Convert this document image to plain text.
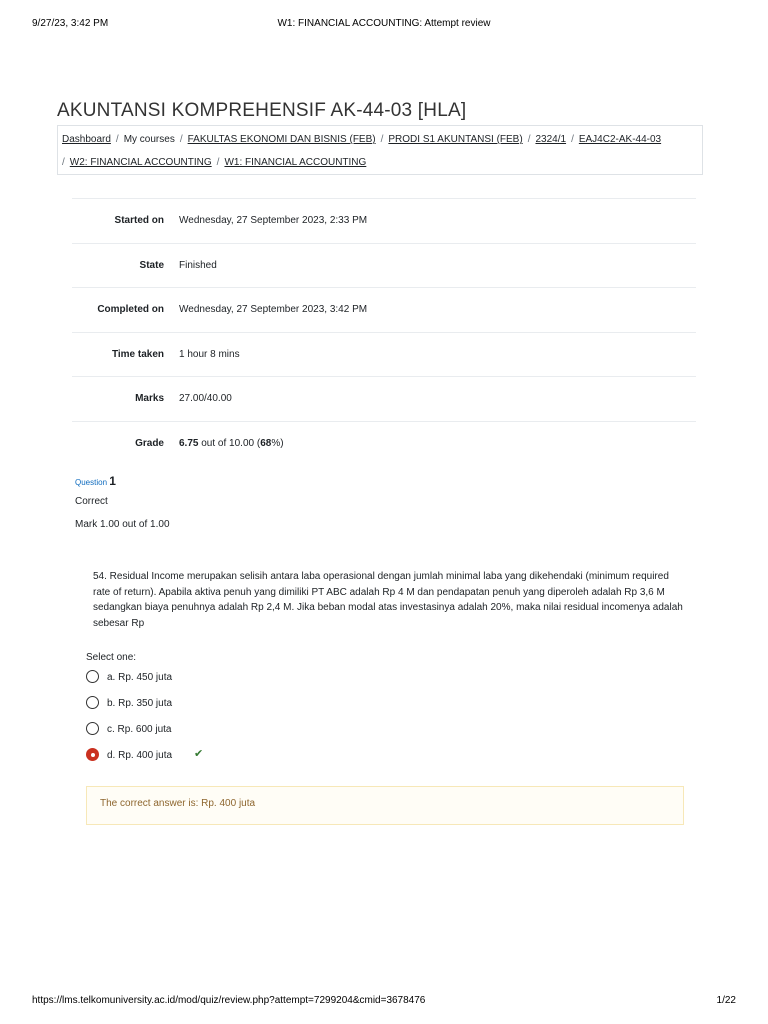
9/27/23, 3:42 PM	W1: FINANCIAL ACCOUNTING: Attempt review
AKUNTANSI KOMPREHENSIF AK-44-03 [HLA]
Dashboard / My courses / FAKULTAS EKONOMI DAN BISNIS (FEB) / PRODI S1 AKUNTANSI (FEB) / 2324/1 / EAJ4C2-AK-44-03
/ W2: FINANCIAL ACCOUNTING / W1: FINANCIAL ACCOUNTING
Started on Wednesday, 27 September 2023, 2:33 PM
State Finished
Completed on Wednesday, 27 September 2023, 3:42 PM
Time taken 1 hour 8 mins
Marks 27.00/40.00
Grade 6.75 out of 10.00 (68%)
Question 1
Correct
Mark 1.00 out of 1.00

54. Residual Income merupakan selisih antara laba operasional dengan jumlah minimal laba yang dikehendaki (minimum required rate of return). Apabila aktiva penuh yang dimiliki PT ABC adalah Rp 4 M dan pendapatan penuh yang diperoleh adalah Rp 3,6 M sedangkan biaya penuhnya adalah Rp 2,4 M. Jika beban modal atas investasinya adalah 20%, maka nilai residual incomenya adalah sebesar Rp

Select one:
a. Rp. 450 juta
b. Rp. 350 juta
c. Rp. 600 juta
d. Rp. 400 juta ✔
The correct answer is: Rp. 400 juta
https://lms.telkomuniversity.ac.id/mod/quiz/review.php?attempt=7299204&cmid=3678476	1/22
